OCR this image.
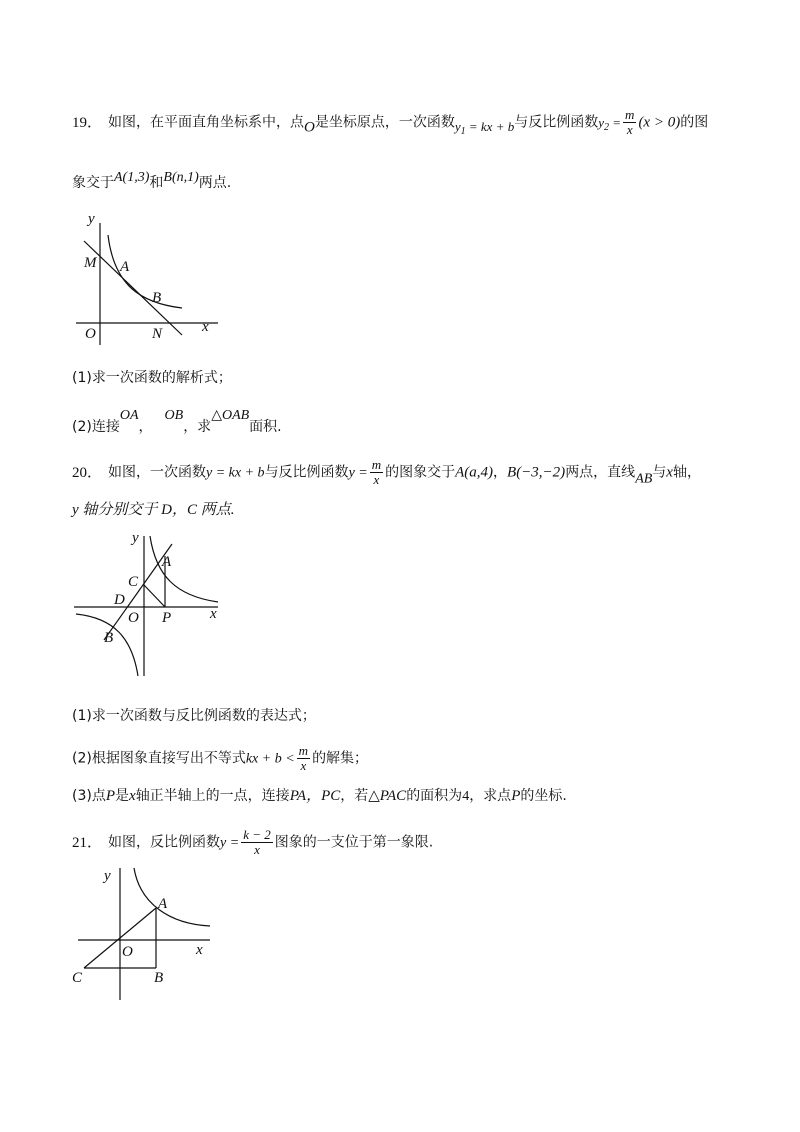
19． 如图，在平面直角坐标系中，点O是坐标原点，一次函数$y_1$ = kx + b与反比例函数$y_2 = \frac{m}{x} (x > 0)$的图
象交于A(1,3)和B(n,1)两点.
y
x
O
M A
B
N
(1)求一次函数的解析式；
(2)连接OA，OB，求△OAB面积.
20． 如图，一次函数y = kx + b与反比例函数$y = \frac{m}{x}$ 的图象交于A(a,4)，B(−3,−2)两点，直线AB与x轴，
y 轴分别交于 D，C 两点.
y
x
O
A
B
C
D
P
(1)求一次函数与反比例函数的表达式；
(2)根据图象直接写出不等式kx + $b < \frac{m}{x}$ 的解集；
(3)点P是x轴正半轴上的一点，连接PA，PC，若△PAC的面积为4，求点P的坐标.
21． 如图，反比例函数$y = \frac{k - 2}{x}$ 图象的一支位于第一象限.
y
x
O
A
B
C
